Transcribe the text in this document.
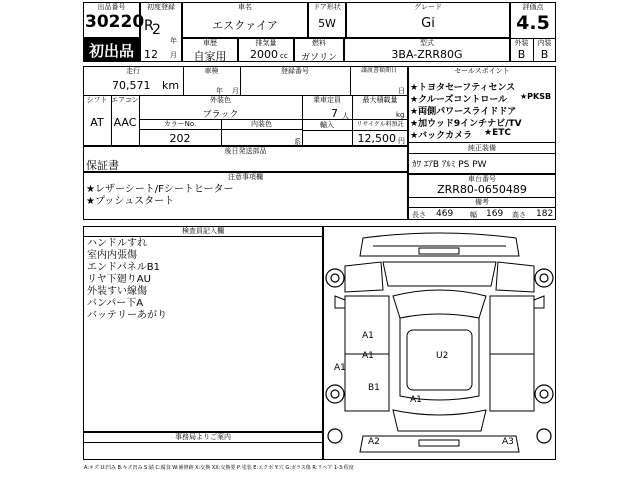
出品番号
30220
初出品
初度登録
R
2
年
12 月
車名
エスクァイア
ドア形状
5W
グレード
Gi
評価点
4.5
外装	内装
B	B
車歴
自家用
排気量
2000 cc
燃料
ガソリン
型式
3BA-ZRR80G
走行
70,571 km
車検
年 月
登録番号	譲渡書類期日
日
シフト
AT
エアコン
AAC
外装色
ブラック
カラーNo.	内装色
202	系
乗車定員
7 人
最大積載量
kg
輸入	リサイクル料預託
12,500 円
後日発送部品
保証書
セールスポイント
★トヨタセーフティセンス
★クルーズコントロール ★PKSB
★両側パワースライドドア
★加ウッド9インチナビ/TV
★バックカメラ ★ETC
純正装備
ｶﾜ ｴｱB ｱﾙﾐ PS PW
注意事項欄
★レザーシート/Fシートヒーター
★プッシュスタート
車台番号
ZRR80-0650489
備考
長さ 469 幅 169 高さ 182
検査員記入欄
ハンドルすれ
室内内張傷
エンドパネルB1
リヤ下廻りAU
外装すい線傷
バンパー下A
バッテリーあがり
事務局よりご案内
A1
A1
A1
U2
B1
A1
A2	A3
A:キズ U:凹み B:キズ凹み S:錆 C:腐食 W:補修跡 X:交換 XX:交換要 P:塗装 E:エクボ Y:穴 G:ガラス傷 R:リペア 1-3:程度
